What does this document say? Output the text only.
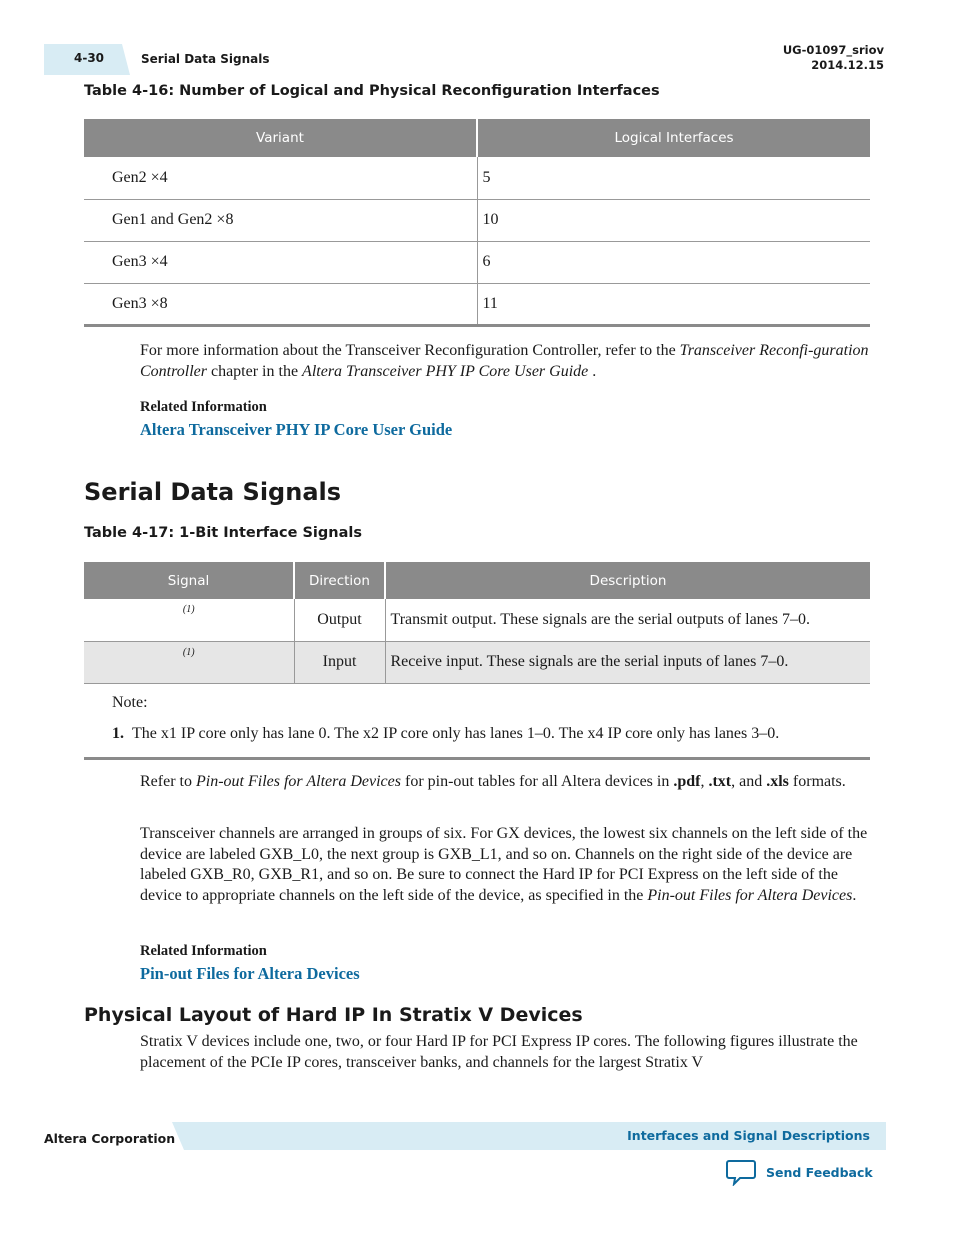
4-30	Serial Data Signals
UG-01097_sriov
2014.12.15
Table 4-16: Number of Logical and Physical Reconfiguration Interfaces
Variant	Logical Interfaces
Gen2 ×4	5
Gen1 and Gen2 ×8	10
Gen3 ×4	6
Gen3 ×8	11
For more information about the Transceiver Reconfiguration Controller, refer to the Transceiver Reconfi-guration Controller chapter in the Altera Transceiver PHY IP Core User Guide .
Related Information
Altera Transceiver PHY IP Core User Guide
Serial Data Signals
Table 4-17: 1-Bit Interface Signals
Signal	Direction	Description
$^{(1)}$	Output	Transmit output. These signals are the serial outputs of lanes 7–0.
$^{(1)}$	Input	Receive input. These signals are the serial inputs of lanes 7–0.
Note:
1. The x1 IP core only has lane 0. The x2 IP core only has lanes 1–0. The x4 IP core only has lanes 3–0.
Refer to Pin-out Files for Altera Devices for pin-out tables for all Altera devices in .pdf, .txt, and .xls formats.
Transceiver channels are arranged in groups of six. For GX devices, the lowest six channels on the left side of the device are labeled GXB_L0, the next group is GXB_L1, and so on. Channels on the right side of the device are labeled GXB_R0, GXB_R1, and so on. Be sure to connect the Hard IP for PCI Express on the left side of the device to appropriate channels on the left side of the device, as specified in the Pin-out Files for Altera Devices.
Related Information
Pin-out Files for Altera Devices
Physical Layout of Hard IP In Stratix V Devices
Stratix V devices include one, two, or four Hard IP for PCI Express IP cores. The following figures illustrate the placement of the PCIe IP cores, transceiver banks, and channels for the largest Stratix V
Altera Corporation	Interfaces and Signal Descriptions
Send Feedback
